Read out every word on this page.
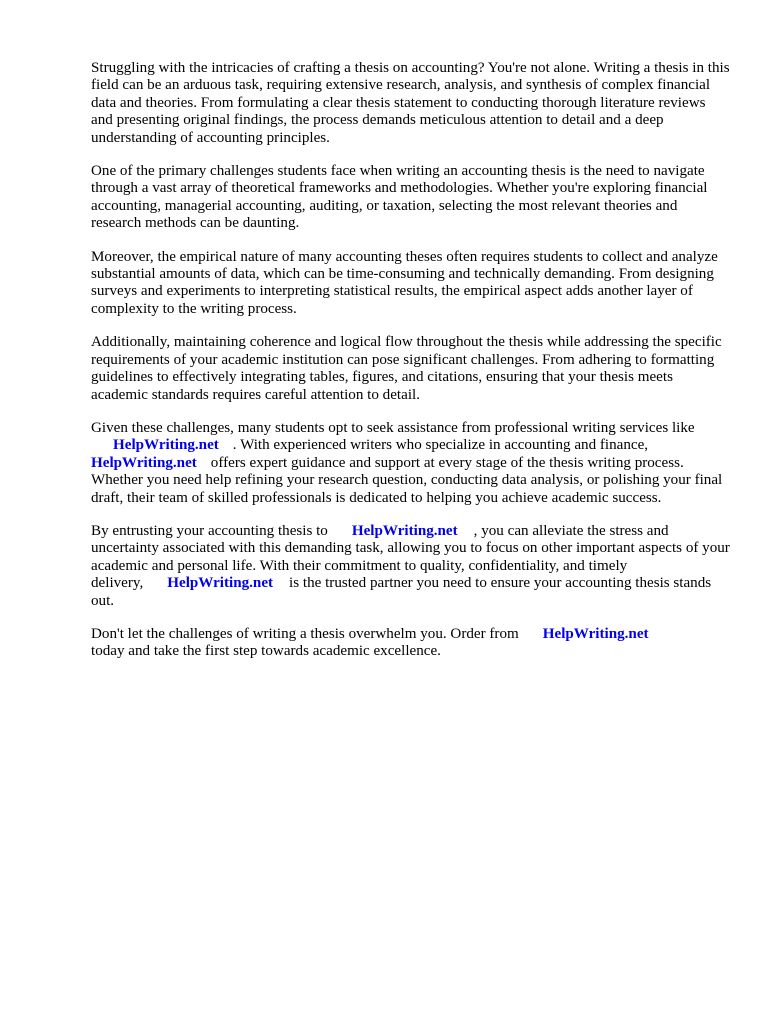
Struggling with the intricacies of crafting a thesis on accounting? You're not alone. Writing a thesis in this field can be an arduous task, requiring extensive research, analysis, and synthesis of complex financial data and theories. From formulating a clear thesis statement to conducting thorough literature reviews and presenting original findings, the process demands meticulous attention to detail and a deep understanding of accounting principles.

One of the primary challenges students face when writing an accounting thesis is the need to navigate through a vast array of theoretical frameworks and methodologies. Whether you're exploring financial accounting, managerial accounting, auditing, or taxation, selecting the most relevant theories and research methods can be daunting.

Moreover, the empirical nature of many accounting theses often requires students to collect and analyze substantial amounts of data, which can be time-consuming and technically demanding. From designing surveys and experiments to interpreting statistical results, the empirical aspect adds another layer of complexity to the writing process.

Additionally, maintaining coherence and logical flow throughout the thesis while addressing the specific requirements of your academic institution can pose significant challenges. From adhering to formatting guidelines to effectively integrating tables, figures, and citations, ensuring that your thesis meets academic standards requires careful attention to detail.

Given these challenges, many students opt to seek assistance from professional writing services like
HelpWriting.net . With experienced writers who specialize in accounting and finance,
HelpWriting.net offers expert guidance and support at every stage of the thesis writing process. Whether you need help refining your research question, conducting data analysis, or polishing your final draft, their team of skilled professionals is dedicated to helping you achieve academic success.

By entrusting your accounting thesis to HelpWriting.net , you can alleviate the stress and uncertainty associated with this demanding task, allowing you to focus on other important aspects of your academic and personal life. With their commitment to quality, confidentiality, and timely delivery, HelpWriting.net is the trusted partner you need to ensure your accounting thesis stands out.

Don't let the challenges of writing a thesis overwhelm you. Order from HelpWriting.net
today and take the first step towards academic excellence.
